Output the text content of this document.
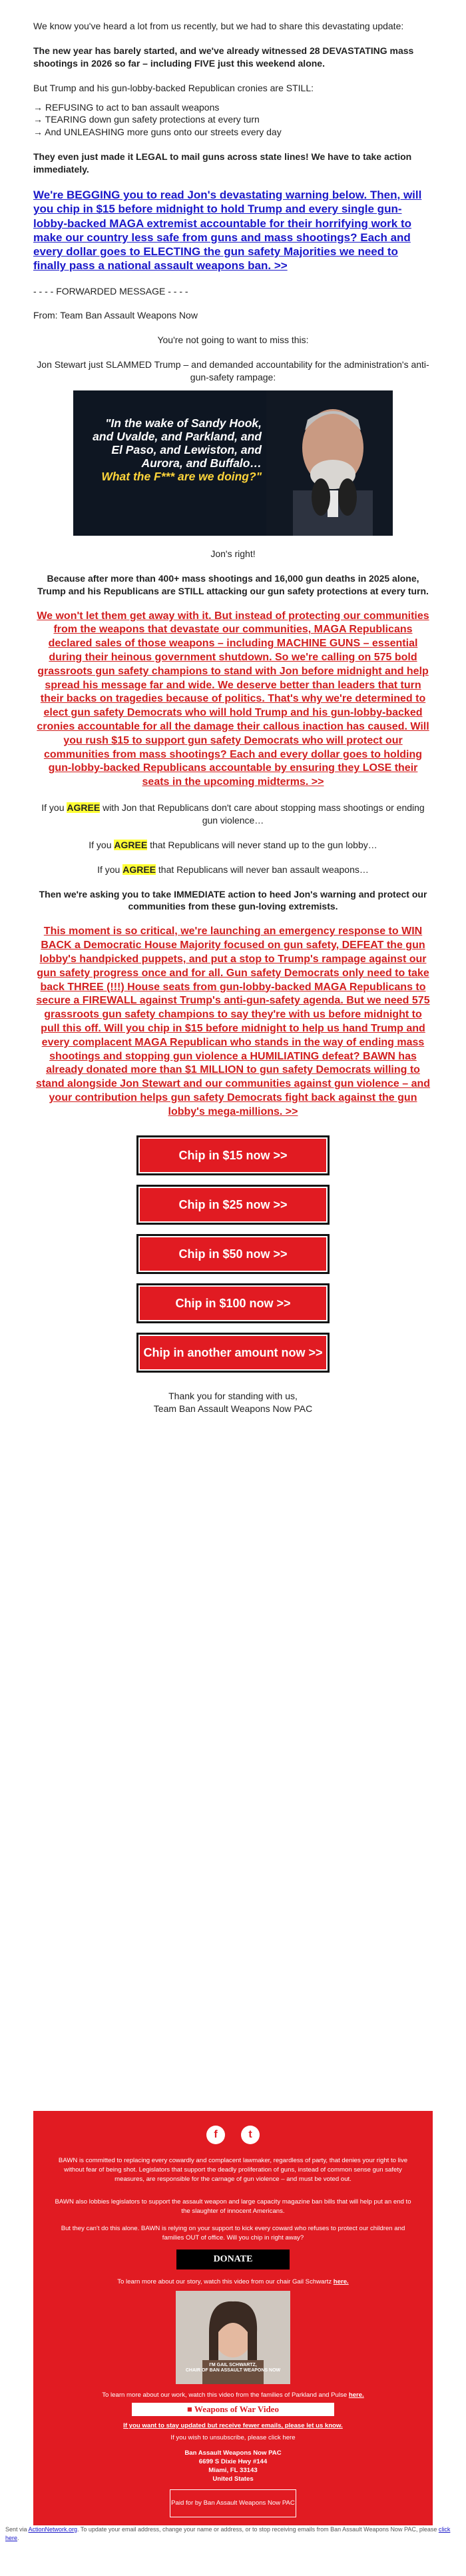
We know you've heard a lot from us recently, but we had to share this devastating update:

The new year has barely started, and we've already witnessed 28 DEVASTATING mass shootings in 2026 so far – including FIVE just this weekend alone.

But Trump and his gun-lobby-backed Republican cronies are STILL:

→ REFUSING to act to ban assault weapons

→ TEARING down gun safety protections at every turn

→ And UNLEASHING more guns onto our streets every day

They even just made it LEGAL to mail guns across state lines! We have to take action immediately.

We're BEGGING you to read Jon's devastating warning below. Then, will you chip in $15 before midnight to hold Trump and every single gun-lobby-backed MAGA extremist accountable for their horrifying work to make our country less safe from guns and mass shootings? Each and every dollar goes to ELECTING the gun safety Majorities we need to finally pass a national assault weapons ban. >>

- - - - FORWARDED MESSAGE - - - -

From: Team Ban Assault Weapons Now

You're not going to want to miss this:

Jon Stewart just SLAMMED Trump – and demanded accountability for the administration's anti-gun-safety rampage:

"In the wake of Sandy Hook, and Uvalde, and Parkland, and El Paso, and Lewiston, and Aurora, and Buffalo…
What the F*** are we doing?"

Jon's right!

Because after more than 400+ mass shootings and 16,000 gun deaths in 2025 alone, Trump and his Republicans are STILL attacking our gun safety protections at every turn.

We won't let them get away with it. But instead of protecting our communities from the weapons that devastate our communities, MAGA Republicans declared sales of those weapons – including MACHINE GUNS – essential during their heinous government shutdown. So we're calling on 575 bold grassroots gun safety champions to stand with Jon before midnight and help spread his message far and wide. We deserve better than leaders that turn their backs on tragedies because of politics. That's why we're determined to elect gun safety Democrats who will hold Trump and his gun-lobby-backed cronies accountable for all the damage their callous inaction has caused. Will you rush $15 to support gun safety Democrats who will protect our communities from mass shootings? Each and every dollar goes to holding gun-lobby-backed Republicans accountable by ensuring they LOSE their seats in the upcoming midterms. >>

If you AGREE with Jon that Republicans don't care about stopping mass shootings or ending gun violence…

If you AGREE that Republicans will never stand up to the gun lobby…

If you AGREE that Republicans will never ban assault weapons…

Then we're asking you to take IMMEDIATE action to heed Jon's warning and protect our communities from these gun-loving extremists.

This moment is so critical, we're launching an emergency response to WIN BACK a Democratic House Majority focused on gun safety, DEFEAT the gun lobby's handpicked puppets, and put a stop to Trump's rampage against our gun safety progress once and for all. Gun safety Democrats only need to take back THREE (!!!) House seats from gun-lobby-backed MAGA Republicans to secure a FIREWALL against Trump's anti-gun-safety agenda. But we need 575 grassroots gun safety champions to say they're with us before midnight to pull this off. Will you chip in $15 before midnight to help us hand Trump and every complacent MAGA Republican who stands in the way of ending mass shootings and stopping gun violence a HUMILIATING defeat? BAWN has already donated more than $1 MILLION to gun safety Democrats willing to stand alongside Jon Stewart and our communities against gun violence – and your contribution helps gun safety Democrats fight back against the gun lobby's mega-millions. >>

Chip in $15 now >>
Chip in $25 now >>
Chip in $50 now >>
Chip in $100 now >>
Chip in another amount now >>
Thank you for standing with us,
Team Ban Assault Weapons Now PAC
f	t
BAWN is committed to replacing every cowardly and complacent lawmaker, regardless of party, that denies your right to live without fear of being shot. Legislators that support the deadly proliferation of guns, instead of common sense gun safety measures, are responsible for the carnage of gun violence – and must be voted out.
BAWN also lobbies legislators to support the assault weapon and large capacity magazine ban bills that will help put an end to the slaughter of innocent Americans.
But they can't do this alone. BAWN is relying on your support to kick every coward who refuses to protect our children and families OUT of office. Will you chip in right away?
DONATE
To learn more about our story, watch this video from our chair Gail Schwartz here.
I'M GAIL SCHWARTZ,
CHAIR OF BAN ASSAULT WEAPONS NOW
To learn more about our work, watch this video from the families of Parkland and Pulse here.
■ Weapons of War Video
If you want to stay updated but receive fewer emails, please let us know.
If you wish to unsubscribe, please click here
Ban Assault Weapons Now PAC
6699 S Dixie Hwy #144
Miami, FL 33143
United States
Paid for by Ban Assault Weapons Now PAC
Sent via ActionNetwork.org. To update your email address, change your name or address, or to stop receiving emails from Ban Assault Weapons Now PAC, please click here.
